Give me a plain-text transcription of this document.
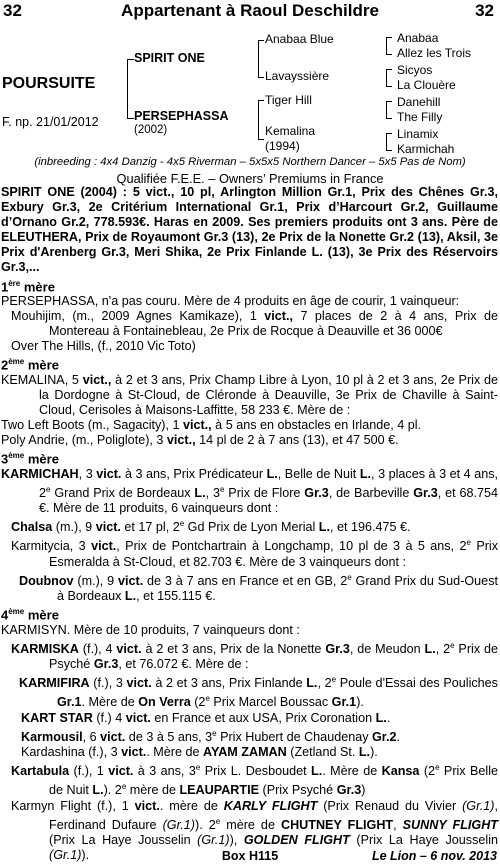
32	Appartenant à Raoul Deschildre	32
POURSUITE
F. np. 21/01/2012
SPIRIT ONE
PERSEPHASSA
(2002)
Anabaa Blue
Lavayssière
Tiger Hill
Kemalina
(1994)
Anabaa
Allez les Trois
Sicyos
La Clouère
Danehill
The Filly
Linamix
Karmichah
(inbreeding : 4x4 Danzig - 4x5 Riverman – 5x5x5 Northern Dancer – 5x5 Pas de Nom)
Qualifiée F.E.E. – Owners’ Premiums in France

SPIRIT ONE (2004) : 5 vict., 10 pl, Arlington Million Gr.1, Prix des Chênes Gr.3, Exbury Gr.3, 2e Critérium International Gr.1, Prix d’Harcourt Gr.2, Guillaume d’Ornano Gr.2, 778.593€. Haras en 2009. Ses premiers produits ont 3 ans. Père de ELEUTHERA, Prix de Royaumont Gr.3 (13), 2e Prix de la Nonette Gr.2 (13), Aksil, 3e Prix d'Arenberg Gr.3, Meri Shika, 2e Prix Finlande L. (13), 3e Prix des Réservoirs Gr.3,...

1ère mère

PERSEPHASSA, n'a pas couru. Mère de 4 produits en âge de courir, 1 vainqueur:

Mouhijim, (m., 2009 Agnes Kamikaze), 1 vict., 7 places de 2 à 4 ans, Prix de Montereau à Fontainebleau, 2e Prix de Rocque à Deauville et 36 000€

Over The Hills, (f., 2010 Vic Toto)

2ème mère

KEMALINA, 5 vict., à 2 et 3 ans, Prix Champ Libre à Lyon, 10 pl à 2 et 3 ans, 2e Prix de la Dordogne à St-Cloud, de Cléronde à Deauville, 3e Prix de Chaville à Saint-Cloud, Cerisoles à Maisons-Laffitte, 58 233 €. Mère de :

Two Left Boots (m., Sagacity), 1 vict., à 5 ans en obstacles en Irlande, 4 pl.

Poly Andrie, (m., Poliglote), 3 vict., 14 pl de 2 à 7 ans (13), et 47 500 €.

3ème mère

KARMICHAH, 3 vict. à 3 ans, Prix Prédicateur L., Belle de Nuit L., 3 places à 3 et 4 ans, 2e Grand Prix de Bordeaux L., 3e Prix de Flore Gr.3, de Barbeville Gr.3, et 68.754 €. Mère de 11 produits, 6 vainqueurs dont :

Chalsa (m.), 9 vict. et 17 pl, 2e Gd Prix de Lyon Merial L., et 196.475 €.

Karmitycia, 3 vict., Prix de Pontchartrain à Longchamp, 10 pl de 3 à 5 ans, 2e Prix Esmeralda à St-Cloud, et 82.703 €. Mère de 3 vainqueurs dont :

Doubnov (m.), 9 vict. de 3 à 7 ans en France et en GB, 2e Grand Prix du Sud-Ouest à Bordeaux L., et 155.115 €.

4ème mère

KARMISYN. Mère de 10 produits, 7 vainqueurs dont :

KARMISKA (f.), 4 vict. à 2 et 3 ans, Prix de la Nonette Gr.3, de Meudon L., 2e Prix de Psyché Gr.3, et 76.072 €. Mère de :

KARMIFIRA (f.), 3 vict. à 2 et 3 ans, Prix Finlande L., 2e Poule d'Essai des Pouliches Gr.1. Mère de On Verra (2e Prix Marcel Boussac Gr.1).

KART STAR (f.) 4 vict. en France et aux USA, Prix Coronation L..

Karmousil, 6 vict. de 3 à 5 ans, 3e Prix Hubert de Chaudenay Gr.2.

Kardashina (f.), 3 vict.. Mère de AYAM ZAMAN (Zetland St. L.).

Kartabula (f.), 1 vict. à 3 ans, 3e Prix L. Desboudet L.. Mère de Kansa (2e Prix Belle de Nuit L.). 2e mère de LEAUPARTIE (Prix Psyché Gr.3)

Karmyn Flight (f.), 1 vict.. mère de KARLY FLIGHT (Prix Renaud du Vivier (Gr.1), Ferdinand Dufaure (Gr.1)). 2e mère de CHUTNEY FLIGHT, SUNNY FLIGHT (Prix La Haye Jousselin (Gr.1)), GOLDEN FLIGHT (Prix La Haye Jousselin (Gr.1)).	Box H115	Le Lion – 6 nov. 2013
